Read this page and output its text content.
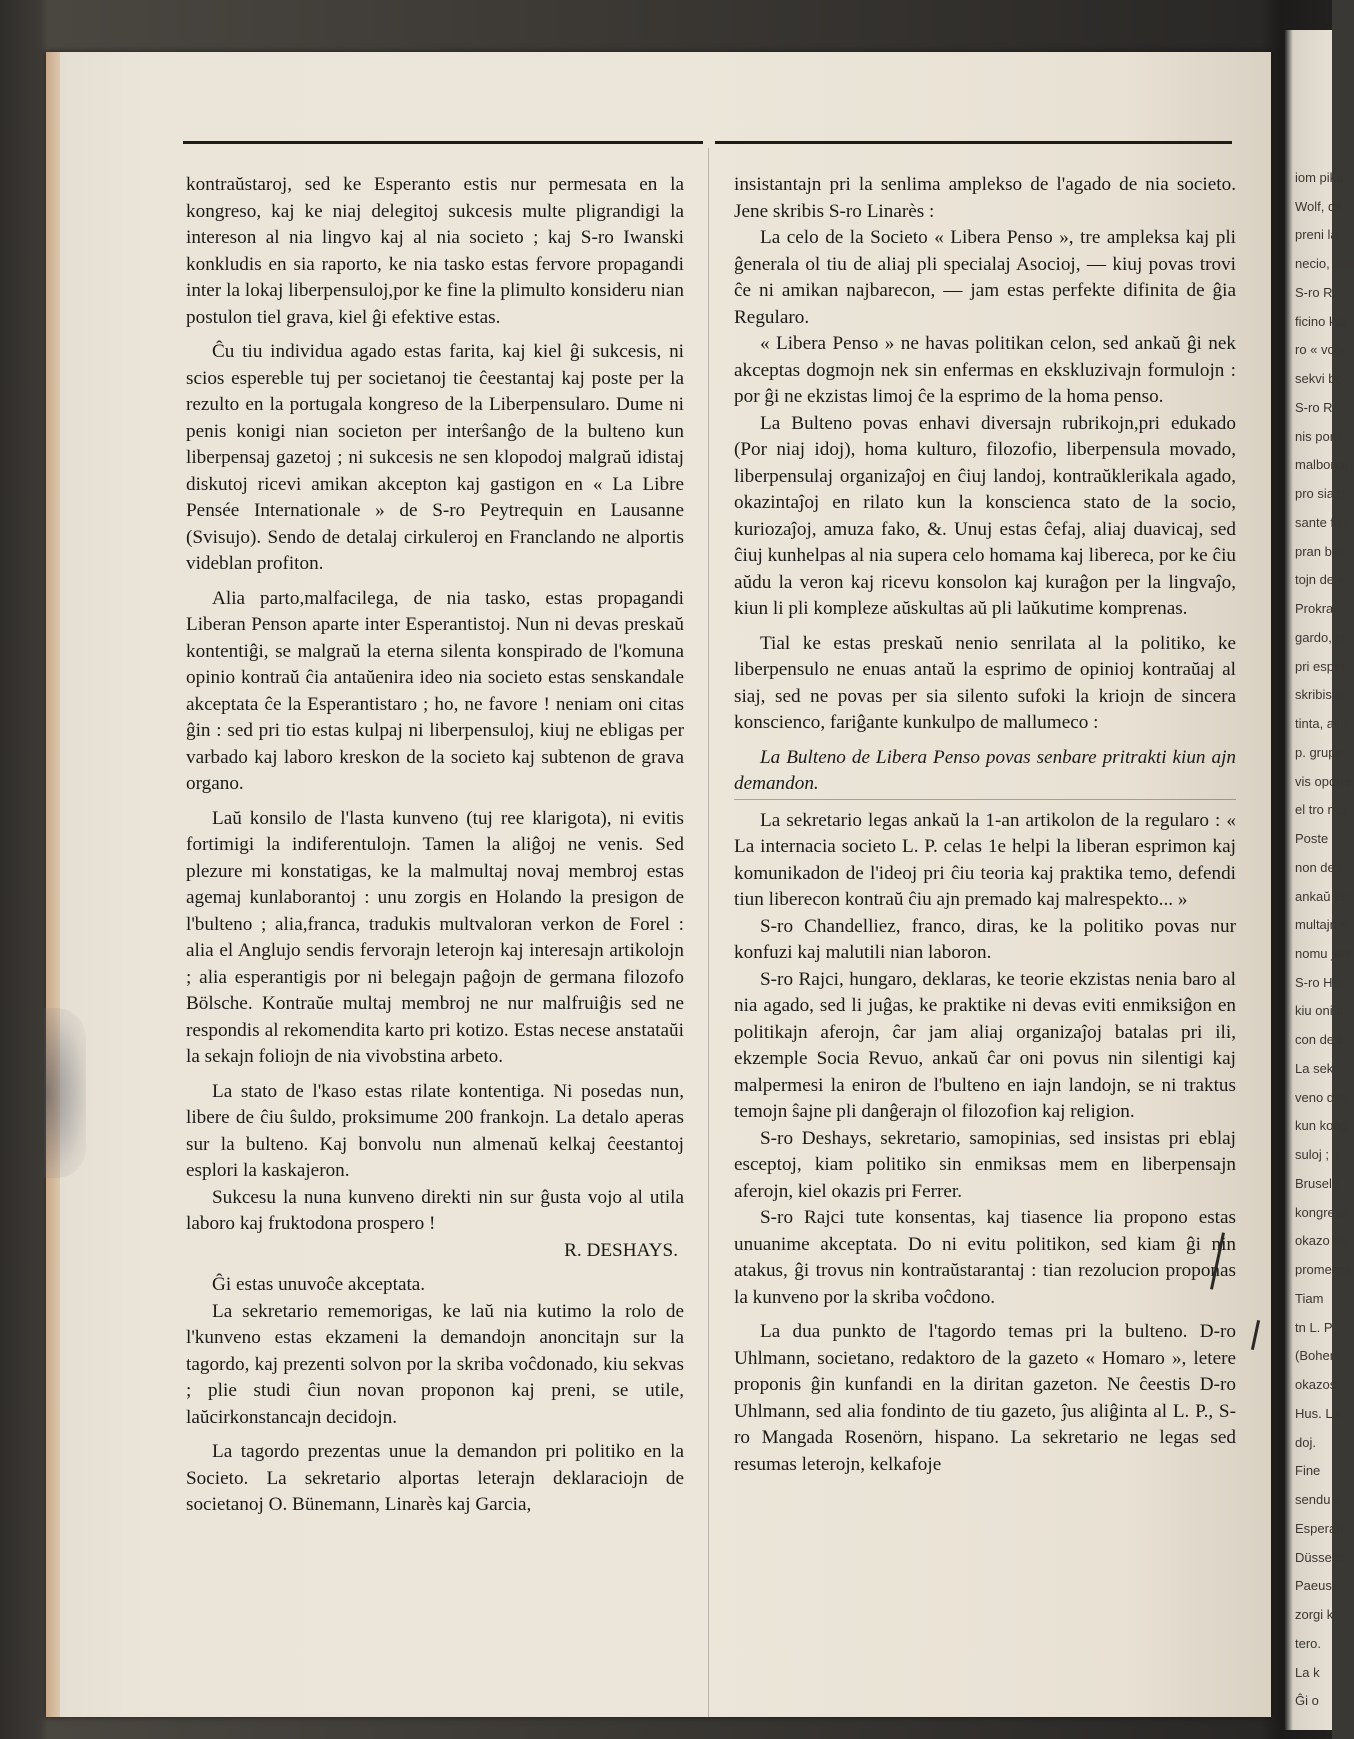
iom pika
Wolf, de
preni la
necio, sed
S-ro R
ficino kaj
ro « vola
sekvi bo
S-ro R
nis por f
malbonaj
pro sia b
sante filo
pran bult
tojn de «
Prokra
gardo, la
pri esper
skribis al
tinta, alia
p. grupo
vis oporte
el tro mo
Poste
non de L.
ankaŭ en
multajn s
nomu jarv
S-ro Her
kiu oni d
con de ĉ
La sek
veno dev
kun kong
suloj ; li
Bruselo
kongreso
okazo de
promesas
Tiam
tn L. P.
(Bohem
okazos
Hus. La
doj.
Fine
sendu s
Esperan
Düsseld
Paeus).
zorgi k
tero.
La k
Ĝi o

kontraŭstaroj, sed ke Esperanto estis nur permesata en la kongreso, kaj ke niaj delegitoj sukcesis multe pligrandigi la intereson al nia lingvo kaj al nia societo ; kaj S-ro Iwanski konkludis en sia raporto, ke nia tasko estas fervore propagandi inter la lokaj liberpensuloj,por ke fine la plimulto konsideru nian postulon tiel grava, kiel ĝi efektive estas.

Ĉu tiu individua agado estas farita, kaj kiel ĝi sukcesis, ni scios espereble tuj per societanoj tie ĉeestantaj kaj poste per la rezulto en la portugala kongreso de la Liberpensularo. Dume ni penis konigi nian societon per interŝanĝo de la bulteno kun liberpensaj gazetoj ; ni sukcesis ne sen klopodoj malgraŭ idistaj diskutoj ricevi amikan akcepton kaj gastigon en « La Libre Pensée Internationale » de S-ro Peytrequin en Lausanne (Svisujo). Sendo de detalaj cirkuleroj en Franclando ne alportis videblan profiton.

Alia parto,malfacilega, de nia tasko, estas propagandi Liberan Penson aparte inter Esperantistoj. Nun ni devas preskaŭ kontentiĝi, se malgraŭ la eterna silenta konspirado de l'komuna opinio kontraŭ ĉia antaŭenira ideo nia societo estas senskandale akceptata ĉe la Esperantistaro ; ho, ne favore ! neniam oni citas ĝin : sed pri tio estas kulpaj ni liberpensuloj, kiuj ne ebligas per varbado kaj laboro kreskon de la societo kaj subtenon de grava organo.

Laŭ konsilo de l'lasta kunveno (tuj ree klarigota), ni evitis fortimigi la indiferentulojn. Tamen la aliĝoj ne venis. Sed plezure mi konstatigas, ke la malmultaj novaj membroj estas agemaj kunlaborantoj : unu zorgis en Holando la presigon de l'bulteno ; alia,franca, tradukis multvaloran verkon de Forel : alia el Anglujo sendis fervorajn leterojn kaj interesajn artikolojn ; alia esperantigis por ni belegajn paĝojn de germana filozofo Bölsche. Kontraŭe multaj membroj ne nur malfruiĝis sed ne respondis al rekomendita karto pri kotizo. Estas necese anstataŭi la sekajn foliojn de nia vivobstina arbeto.

La stato de l'kaso estas rilate kontentiga. Ni posedas nun, libere de ĉiu ŝuldo, proksimume 200 frankojn. La detalo aperas sur la bulteno. Kaj bonvolu nun almenaŭ kelkaj ĉeestantoj esplori la kaskajeron.

Sukcesu la nuna kunveno direkti nin sur ĝusta vojo al utila laboro kaj fruktodona prospero !

R. DESHAYS.

Ĝi estas unuvoĉe akceptata.

La sekretario rememorigas, ke laŭ nia kutimo la rolo de l'kunveno estas ekzameni la demandojn anoncitajn sur la tagordo, kaj prezenti solvon por la skriba voĉdonado, kiu sekvas ; plie studi ĉiun novan proponon kaj preni, se utile, laŭcirkonstancajn decidojn.

La tagordo prezentas unue la demandon pri politiko en la Societo. La sekretario alportas leterajn deklaraciojn de societanoj O. Bünemann, Linarès kaj Garcia,

insistantajn pri la senlima amplekso de l'agado de nia societo. Jene skribis S-ro Linarès :

La celo de la Societo « Libera Penso », tre ampleksa kaj pli ĝenerala ol tiu de aliaj pli specialaj Asocioj, — kiuj povas trovi ĉe ni amikan najbarecon, — jam estas perfekte difinita de ĝia Regularo.

« Libera Penso » ne havas politikan celon, sed ankaŭ ĝi nek akceptas dogmojn nek sin enfermas en ekskluzivajn formulojn : por ĝi ne ekzistas limoj ĉe la esprimo de la homa penso.

La Bulteno povas enhavi diversajn rubrikojn,pri edukado (Por niaj idoj), homa kulturo, filozofio, liberpensula movado, liberpensulaj organizaĵoj en ĉiuj landoj, kontraŭklerikala agado, okazintaĵoj en rilato kun la konscienca stato de la socio, kuriozaĵoj, amuza fako, &. Unuj estas ĉefaj, aliaj duavicaj, sed ĉiuj kunhelpas al nia supera celo homama kaj libereca, por ke ĉiu aŭdu la veron kaj ricevu konsolon kaj kuraĝon per la lingvaĵo, kiun li pli kompleze aŭskultas aŭ pli laŭkutime komprenas.

Tial ke estas preskaŭ nenio senrilata al la politiko, ke liberpensulo ne enuas antaŭ la esprimo de opinioj kontraŭaj al siaj, sed ne povas per sia silento sufoki la kriojn de sincera konscienco, fariĝante kunkulpo de mallumeco :

La Bulteno de Libera Penso povas senbare pritrakti kiun ajn demandon.

La sekretario legas ankaŭ la 1-an artikolon de la regularo : « La internacia societo L. P. celas 1e helpi la liberan esprimon kaj komunikadon de l'ideoj pri ĉiu teoria kaj praktika temo, defendi tiun liberecon kontraŭ ĉiu ajn premado kaj malrespekto... »

S-ro Chandelliez, franco, diras, ke la politiko povas nur konfuzi kaj malutili nian laboron.

S-ro Rajci, hungaro, deklaras, ke teorie ekzistas nenia baro al nia agado, sed li juĝas, ke praktike ni devas eviti enmiksiĝon en politikajn aferojn, ĉar jam aliaj organizaĵoj batalas pri ili, ekzemple Socia Revuo, ankaŭ ĉar oni povus nin silentigi kaj malpermesi la eniron de l'bulteno en iajn landojn, se ni traktus temojn ŝajne pli danĝerajn ol filozofion kaj religion.

S-ro Deshays, sekretario, samopinias, sed insistas pri eblaj esceptoj, kiam politiko sin enmiksas mem en liberpensajn aferojn, kiel okazis pri Ferrer.

S-ro Rajci tute konsentas, kaj tiasence lia propono estas unuanime akceptata. Do ni evitu politikon, sed kiam ĝi nin atakus, ĝi trovus nin kontraŭstarantaj : tian rezolucion proponas la kunveno por la skriba voĉdono.

La dua punkto de l'tagordo temas pri la bulteno. D-ro Uhlmann, societano, redaktoro de la gazeto « Homaro », letere proponis ĝin kunfandi en la diritan gazeton. Ne ĉeestis D-ro Uhlmann, sed alia fondinto de tiu gazeto, ĵus aliĝinta al L. P., S-ro Mangada Rosenörn, hispano. La sekretario ne legas sed resumas leterojn, kelkafoje
